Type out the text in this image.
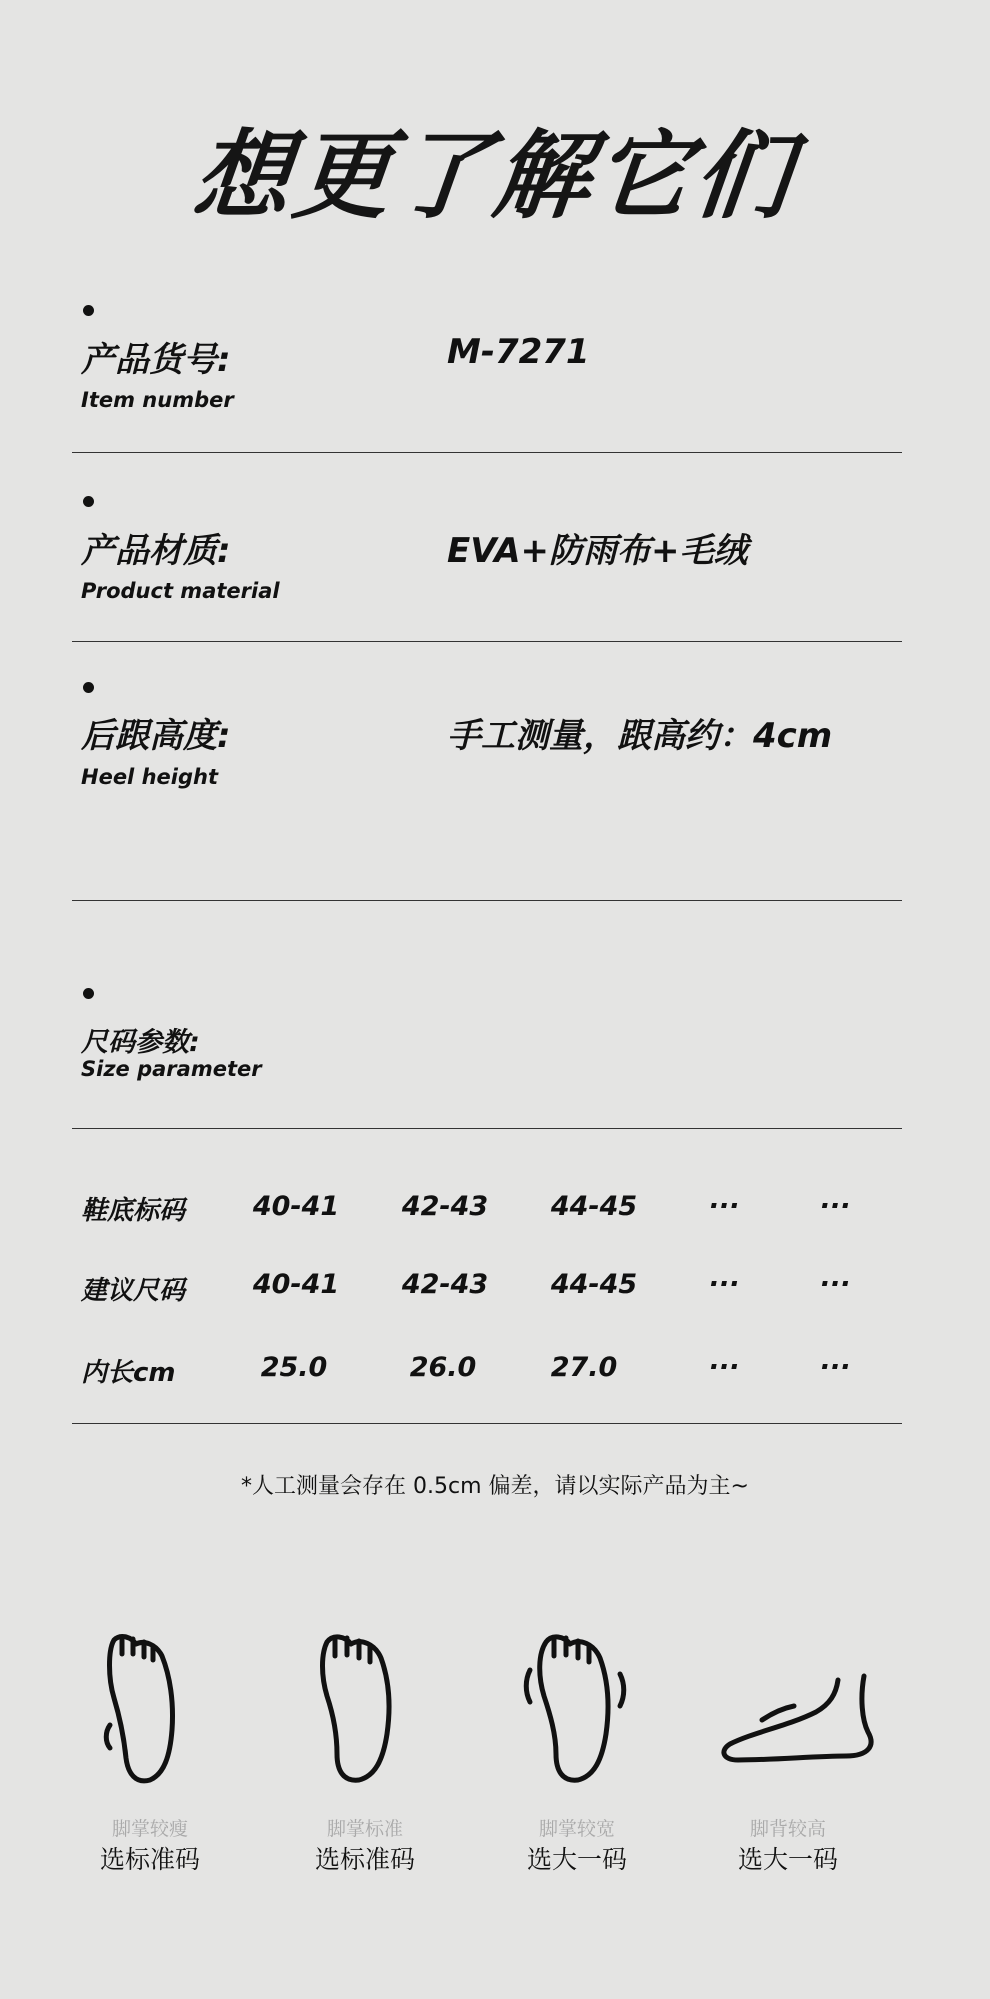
想更了解它们
产品货号:
Item number
M-7271
产品材质:
Product material
EVA+防雨布+毛绒
后跟高度:
Heel height
手工测量，跟高约：4cm
尺码参数:
Size parameter
鞋底标码	40-41	42-43	44-45	···	···
建议尺码	40-41	42-43	44-45	···	···
内长cm	25.0	26.0	27.0	···	···
*人工测量会存在 0.5cm 偏差，请以实际产品为主~
脚掌较瘦
选标准码
脚掌标准
选标准码
脚掌较宽
选大一码
脚背较高
选大一码
